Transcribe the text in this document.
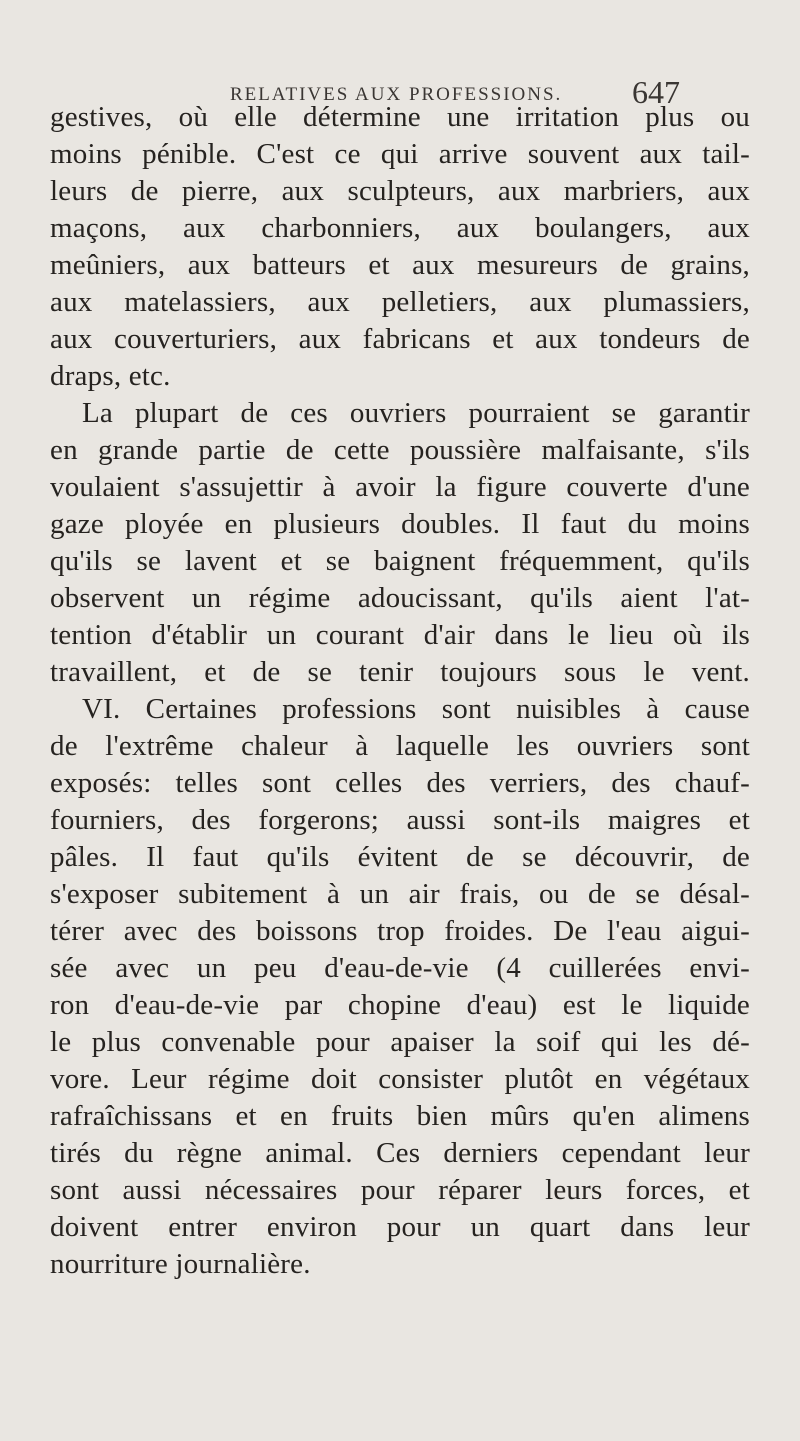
RELATIVES AUX PROFESSIONS. 647
gestives, où elle détermine une irritation plus ou
moins pénible. C'est ce qui arrive souvent aux tail-
leurs de pierre, aux sculpteurs, aux marbriers, aux
maçons, aux charbonniers, aux boulangers, aux
meûniers, aux batteurs et aux mesureurs de grains,
aux matelassiers, aux pelletiers, aux plumassiers,
aux couverturiers, aux fabricans et aux tondeurs de
draps, etc.
La plupart de ces ouvriers pourraient se garantir
en grande partie de cette poussière malfaisante, s'ils
voulaient s'assujettir à avoir la figure couverte d'une
gaze ployée en plusieurs doubles. Il faut du moins
qu'ils se lavent et se baignent fréquemment, qu'ils
observent un régime adoucissant, qu'ils aient l'at-
tention d'établir un courant d'air dans le lieu où ils
travaillent, et de se tenir toujours sous le vent.
VI. Certaines professions sont nuisibles à cause
de l'extrême chaleur à laquelle les ouvriers sont
exposés: telles sont celles des verriers, des chauf-
fourniers, des forgerons; aussi sont-ils maigres et
pâles. Il faut qu'ils évitent de se découvrir, de
s'exposer subitement à un air frais, ou de se désal-
térer avec des boissons trop froides. De l'eau aigui-
sée avec un peu d'eau-de-vie (4 cuillerées envi-
ron d'eau-de-vie par chopine d'eau) est le liquide
le plus convenable pour apaiser la soif qui les dé-
vore. Leur régime doit consister plutôt en végétaux
rafraîchissans et en fruits bien mûrs qu'en alimens
tirés du règne animal. Ces derniers cependant leur
sont aussi nécessaires pour réparer leurs forces, et
doivent entrer environ pour un quart dans leur
nourriture journalière.
